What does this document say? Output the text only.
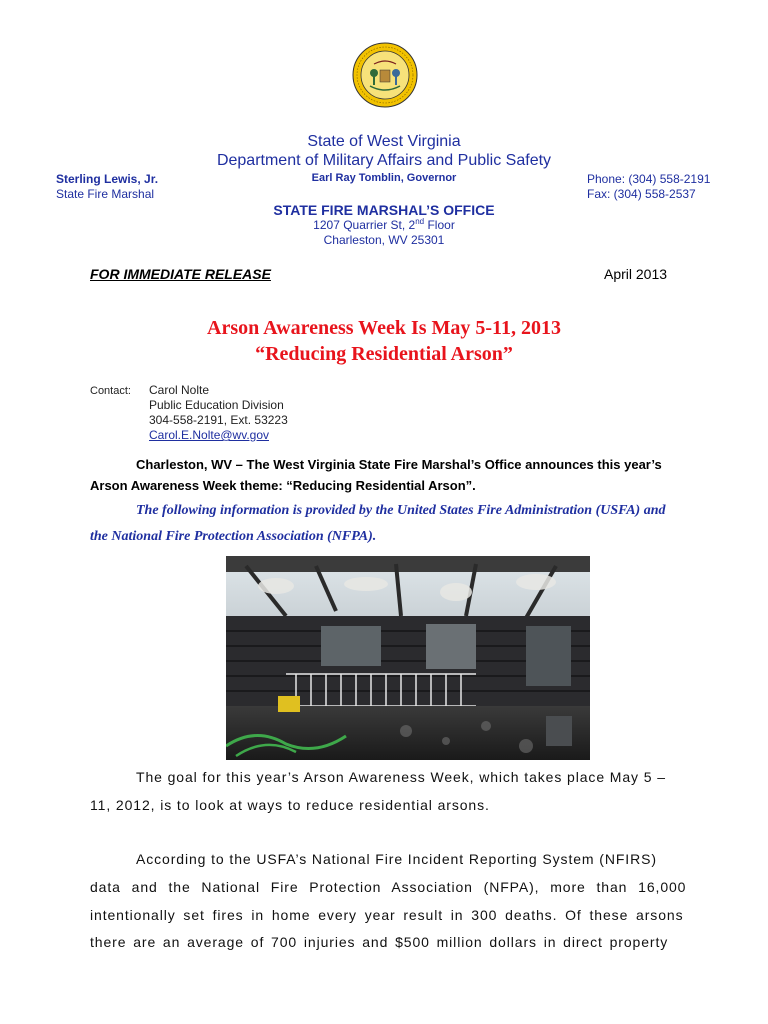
State of West Virginia
Department of Military Affairs and Public Safety
Sterling Lewis, Jr.
State Fire Marshal
Earl Ray Tomblin, Governor	Phone: (304) 558-2191
Fax: (304) 558-2537
STATE FIRE MARSHAL’S OFFICE
1207 Quarrier St, 2nd Floor
Charleston, WV 25301
FOR IMMEDIATE RELEASE	April 2013
Arson Awareness Week Is May 5-11, 2013
“Reducing Residential Arson”
Contact: Carol Nolte
Public Education Division
304-558-2191, Ext. 53223
Carol.E.Nolte@wv.gov
Charleston, WV – The West Virginia State Fire Marshal’s Office announces this year’s
Arson Awareness Week theme: “Reducing Residential Arson”.
The following information is provided by the United States Fire Administration (USFA) and
the National Fire Protection Association (NFPA).
The goal for this year’s Arson Awareness Week, which takes place May 5 –
11, 2012, is to look at ways to reduce residential arsons.
According to the USFA’s National Fire Incident Reporting System (NFIRS)
data and the National Fire Protection Association (NFPA), more than 16,000
intentionally set fires in home every year result in 300 deaths. Of these arsons
there are an average of 700 injuries and $500 million dollars in direct property
